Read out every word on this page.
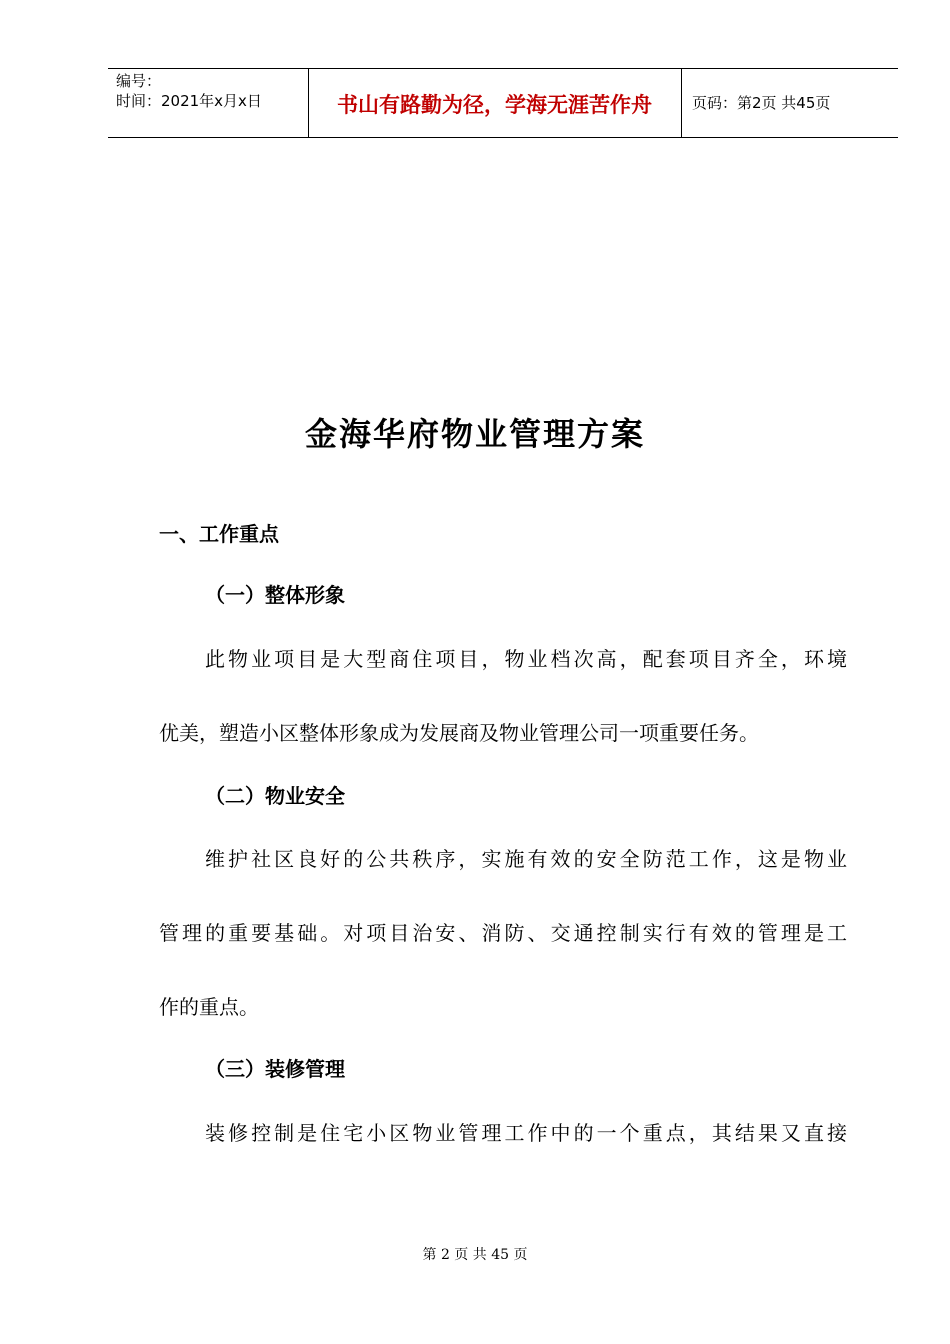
编号：
时间：2021年x月x日	书山有路勤为径，学海无涯苦作舟	页码：第2页 共45页
金海华府物业管理方案
一、工作重点
（一）整体形象
此物业项目是大型商住项目，物业档次高，配套项目齐全，环境
优美，塑造小区整体形象成为发展商及物业管理公司一项重要任务。
（二）物业安全
维护社区良好的公共秩序，实施有效的安全防范工作，这是物业
管理的重要基础。对项目治安、消防、交通控制实行有效的管理是工
作的重点。
（三）装修管理
装修控制是住宅小区物业管理工作中的一个重点，其结果又直接
第 2 页 共 45 页
